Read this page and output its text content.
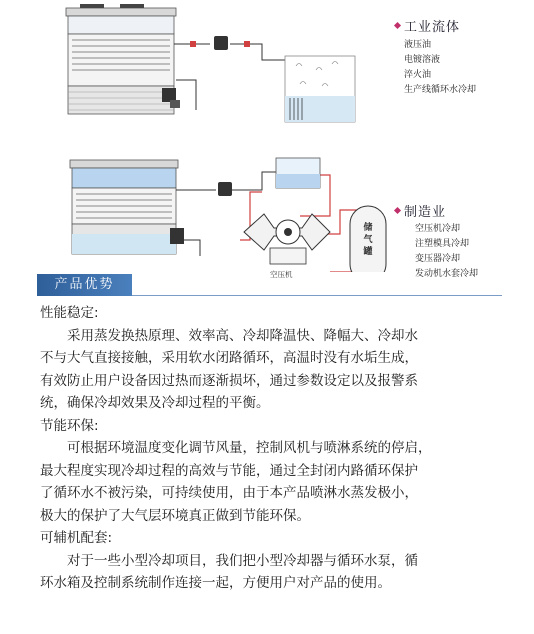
工业流体
液压油
电镀溶液
淬火油
生产线循环水冷却
制造业
空压机冷却
注塑模具冷却
变压器冷却
发动机水套冷却
空压机
储气罐
产品优势

性能稳定:

采用蒸发换热原理、效率高、冷却降温快、降幅大、冷却水

不与大气直接接触，采用软水闭路循环，高温时没有水垢生成，

有效防止用户设备因过热而逐渐损坏，通过参数设定以及报警系

统，确保冷却效果及冷却过程的平衡。

节能环保:

可根据环境温度变化调节风量，控制风机与喷淋系统的停启，

最大程度实现冷却过程的高效与节能，通过全封闭内路循环保护

了循环水不被污染，可持续使用，由于本产品喷淋水蒸发极小，

极大的保护了大气层环境真正做到节能环保。

可辅机配套:

对于一些小型冷却项目，我们把小型冷却器与循环水泵，循

环水箱及控制系统制作连接一起，方便用户对产品的使用。
